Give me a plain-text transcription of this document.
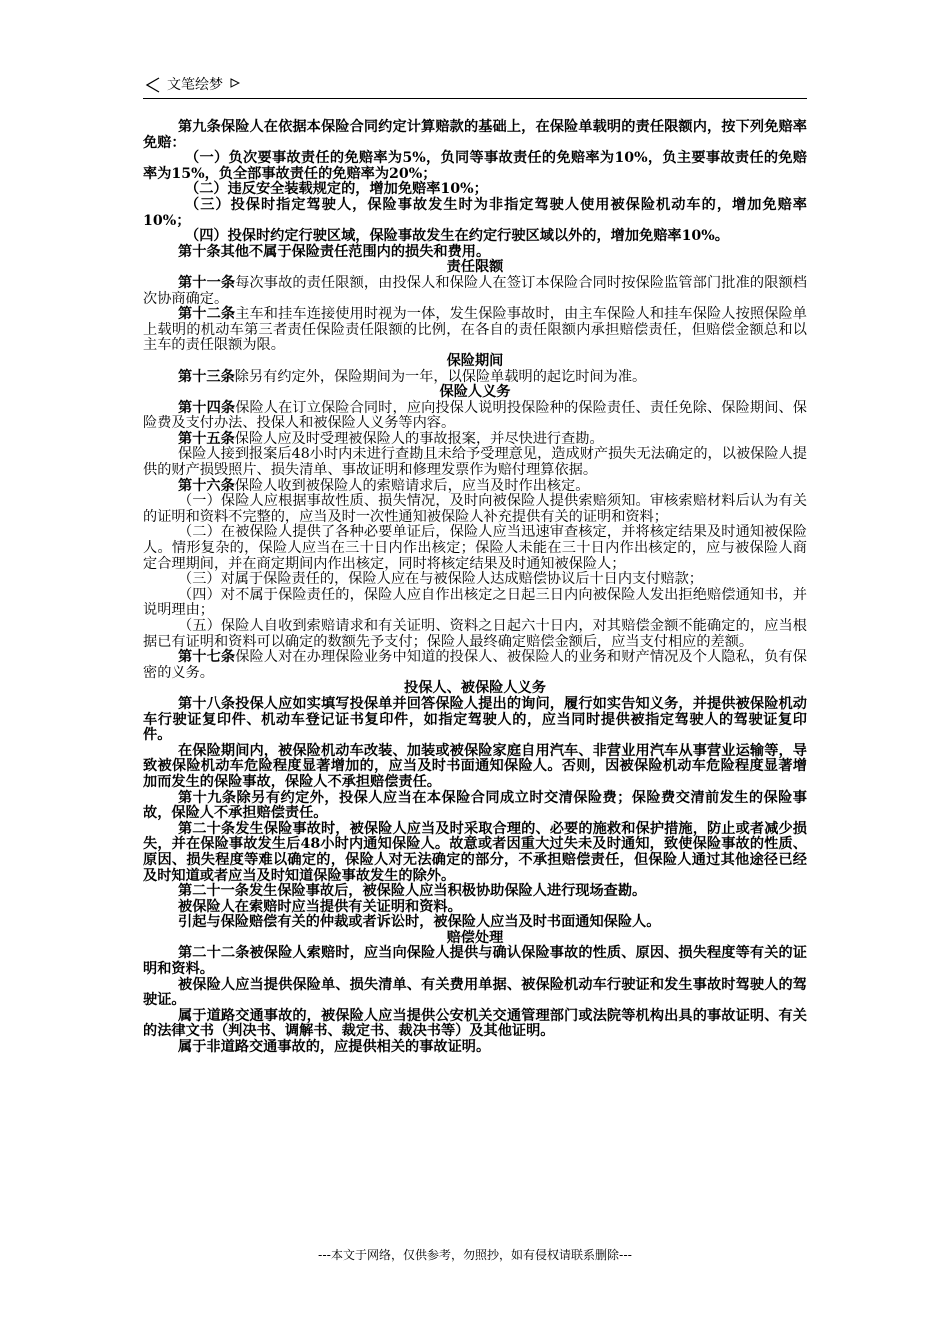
文笔绘梦

第九条保险人在依据本保险合同约定计算赔款的基础上，在保险单载明的责任限额内，按下列免赔率免赔：

（一）负次要事故责任的免赔率为5%，负同等事故责任的免赔率为10%，负主要事故责任的免赔率为15%，负全部事故责任的免赔率为20%；

（二）违反安全装载规定的，增加免赔率10%；

（三）投保时指定驾驶人，保险事故发生时为非指定驾驶人使用被保险机动车的，增加免赔率10%；

（四）投保时约定行驶区域，保险事故发生在约定行驶区域以外的，增加免赔率10%。

第十条其他不属于保险责任范围内的损失和费用。

责任限额

第十一条每次事故的责任限额，由投保人和保险人在签订本保险合同时按保险监管部门批准的限额档次协商确定。

第十二条主车和挂车连接使用时视为一体，发生保险事故时，由主车保险人和挂车保险人按照保险单上载明的机动车第三者责任保险责任限额的比例，在各自的责任限额内承担赔偿责任，但赔偿金额总和以主车的责任限额为限。

保险期间

第十三条除另有约定外，保险期间为一年，以保险单载明的起讫时间为准。

保险人义务

第十四条保险人在订立保险合同时，应向投保人说明投保险种的保险责任、责任免除、保险期间、保险费及支付办法、投保人和被保险人义务等内容。

第十五条保险人应及时受理被保险人的事故报案，并尽快进行查勘。

保险人接到报案后48小时内未进行查勘且未给予受理意见，造成财产损失无法确定的，以被保险人提供的财产损毁照片、损失清单、事故证明和修理发票作为赔付理算依据。

第十六条保险人收到被保险人的索赔请求后，应当及时作出核定。

（一）保险人应根据事故性质、损失情况，及时向被保险人提供索赔须知。审核索赔材料后认为有关的证明和资料不完整的，应当及时一次性通知被保险人补充提供有关的证明和资料；

（二）在被保险人提供了各种必要单证后，保险人应当迅速审查核定，并将核定结果及时通知被保险人。情形复杂的，保险人应当在三十日内作出核定；保险人未能在三十日内作出核定的，应与被保险人商定合理期间，并在商定期间内作出核定，同时将核定结果及时通知被保险人；

（三）对属于保险责任的，保险人应在与被保险人达成赔偿协议后十日内支付赔款；

（四）对不属于保险责任的，保险人应自作出核定之日起三日内向被保险人发出拒绝赔偿通知书，并说明理由；

（五）保险人自收到索赔请求和有关证明、资料之日起六十日内，对其赔偿金额不能确定的，应当根据已有证明和资料可以确定的数额先予支付；保险人最终确定赔偿金额后，应当支付相应的差额。

第十七条保险人对在办理保险业务中知道的投保人、被保险人的业务和财产情况及个人隐私，负有保密的义务。

投保人、被保险人义务

第十八条投保人应如实填写投保单并回答保险人提出的询问，履行如实告知义务，并提供被保险机动车行驶证复印件、机动车登记证书复印件，如指定驾驶人的，应当同时提供被指定驾驶人的驾驶证复印件。

在保险期间内，被保险机动车改装、加装或被保险家庭自用汽车、非营业用汽车从事营业运输等，导致被保险机动车危险程度显著增加的，应当及时书面通知保险人。否则，因被保险机动车危险程度显著增加而发生的保险事故，保险人不承担赔偿责任。

第十九条除另有约定外，投保人应当在本保险合同成立时交清保险费；保险费交清前发生的保险事故，保险人不承担赔偿责任。

第二十条发生保险事故时，被保险人应当及时采取合理的、必要的施救和保护措施，防止或者减少损失，并在保险事故发生后48小时内通知保险人。故意或者因重大过失未及时通知，致使保险事故的性质、原因、损失程度等难以确定的，保险人对无法确定的部分，不承担赔偿责任，但保险人通过其他途径已经及时知道或者应当及时知道保险事故发生的除外。

第二十一条发生保险事故后，被保险人应当积极协助保险人进行现场查勘。

被保险人在索赔时应当提供有关证明和资料。

引起与保险赔偿有关的仲裁或者诉讼时，被保险人应当及时书面通知保险人。

赔偿处理

第二十二条被保险人索赔时，应当向保险人提供与确认保险事故的性质、原因、损失程度等有关的证明和资料。

被保险人应当提供保险单、损失清单、有关费用单据、被保险机动车行驶证和发生事故时驾驶人的驾驶证。

属于道路交通事故的，被保险人应当提供公安机关交通管理部门或法院等机构出具的事故证明、有关的法律文书（判决书、调解书、裁定书、裁决书等）及其他证明。

属于非道路交通事故的，应提供相关的事故证明。

---本文于网络，仅供参考，勿照抄，如有侵权请联系删除---
